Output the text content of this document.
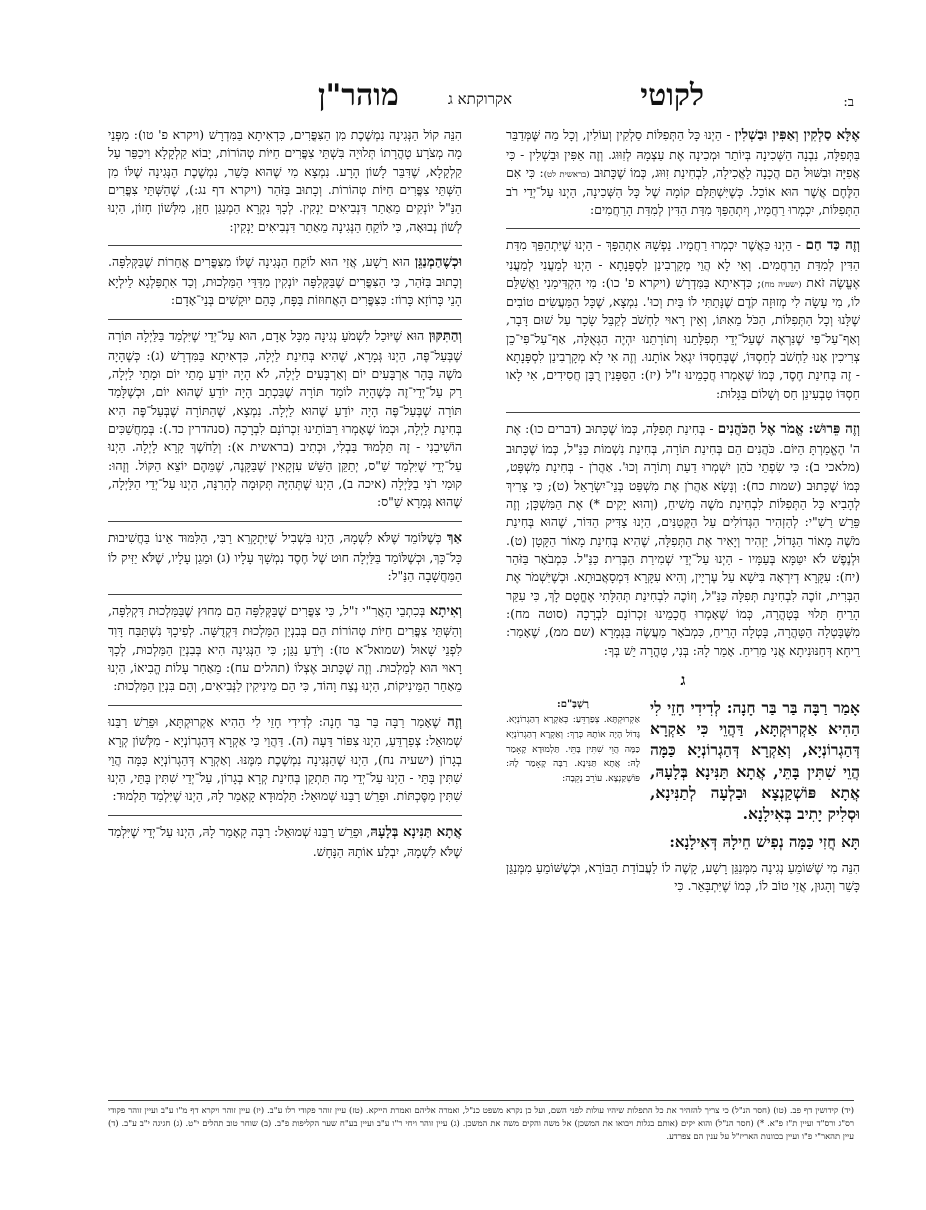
ב:
לקוטי
אקרוקתא ג
מוהר"ן

אֶלָּא סַלְקִין וְאַפִּין וּבַשְׁלִין - הַיְנוּ כָּל הַתְּפִלּוֹת סַלְקִין וְעוֹלִין, וְכָל מַה שֶּׁמְּדַבֵּר בַּתְּפִלָּה, נִבְנָה הַשְּׁכִינָה בְּיוֹתֵר וּמְכִינָה אֶת עַצְמָהּ לְזִוּוּג. וְזֶה אַפִּין וּבַשְׁלִין - כִּי אֲפִיָּה וּבִשּׁוּל הֵם הֲכָנָה לָאֲכִילָה, לִבְחִינַת זִוּוּג, כְּמוֹ שֶׁכָּתוּב (בראשית לט): כִּי אִם הַלֶּחֶם אֲשֶׁר הוּא אוֹכֵל. כְּשֶׁיִּשְׁתַּלְּם קוֹמָה שֶׁל כָּל הַשְּׁכִינָה, הַיְנוּ עַל־יְדֵי רֹב הַתְּפִלּוֹת, יִכְמְרוּ רַחֲמָיו, וְיִתְהַפֵּךְ מִדַּת הַדִּין לְמִדַּת הָרַחֲמִים:

וְזֶה כַּד חַם - הַיְנוּ כַּאֲשֶׁר יִכְמְרוּ רַחֲמָיו. נַפְשָׁהּ אִתְהַפָּךְ - הַיְנוּ שֶׁיִּתְהַפֵּךְ מִדַּת הַדִּין לְמִדַּת הָרַחֲמִים. וְאִי לָא הֲוֵי מְקָרְבִינַן לִסְפָּנָתָא - הַיְנוּ לְמַעֲנִי לְמַעֲנִי אֶעֱשֶׂה זֹאת (ישעיה מח); כִּדְאִיתָא בַּמִּדְרָשׁ (ויקרא פ' כו): מִי הִקְדִּימַנִי וַאֲשַׁלֵּם לוֹ, מִי עָשָׂה לִי מְזוּזָה קֹדֶם שֶׁנָּתַתִּי לוֹ בַּיִת וְכוּ'. נִמְצָא, שֶׁכָּל הַמַּעֲשִׂים טוֹבִים שֶׁלָּנוּ וְכָל הַתְּפִלּוֹת, הַכֹּל מֵאִתּוֹ, וְאֵין רָאוּי לַחְשֹׁב לְקַבֵּל שָׂכָר עַל שׁוּם דָּבָר, וְאַף־עַל־פִּי שֶׁנִּרְאֶה שֶׁעַל־יְדֵי תְּפִלָּתֵנוּ וְתוֹרָתֵנוּ יִהְיֶה הַגְּאֻלָּה, אַף־עַל־פִּי־כֵן צְרִיכִין אָנוּ לַחְשֹׁב לְחַסְדּוֹ, שֶׁבְּחַסְדּוֹ יִגְאַל אוֹתָנוּ. וְזֶה אִי לָא מְקָרְבִינַן לִסְפָּנָתָא - זֶה בְּחִינַת חֶסֶד, כְּמוֹ שֶׁאָמְרוּ חֲכָמֵינוּ ז"ל (יז): הַסַּפָּנִין רֻבָּן חֲסִידִים, אִי לָאו חַסְדּוֹ טָבְעִינַן חַס וְשָׁלוֹם בַּגָּלוּת:

וְזֶה פֵּרוּשׁ: אֱמֹר אֶל הַכֹּהֲנִים - בְּחִינַת תְּפִלָּה, כְּמוֹ שֶׁכָּתוּב (דברים כו): אֶת ה' הֶאֱמַרְתָּ הַיּוֹם. כֹּהֲנִים הֵם בְּחִינַת תּוֹרָה, בְּחִינַת נִשְׁמוֹת כַּנַּ"ל, כְּמוֹ שֶׁכָּתוּב (מלאכי ב): כִּי שִׂפְתֵי כֹהֵן יִשְׁמְרוּ דַעַת וְתוֹרָה וְכוּ'. אַהֲרֹן - בְּחִינַת מִשְׁפָּט, כְּמוֹ שֶׁכָּתוּב (שמות כח): וְנָשָׂא אַהֲרֹן אֶת מִשְׁפַּט בְּנֵי־יִשְׂרָאֵל (ט); כִּי צָרִיךְ לְהָבִיא כָּל הַתְּפִלּוֹת לִבְחִינַת מֹשֶׁה מָשִׁיחַ, (וְהוּא יָקִים *) אֶת הַמִּשְׁכָּן; וְזֶה פֵּרֵשׁ רַשִׁ"י: לְהַזְהִיר הַגְּדוֹלִים עַל הַקְּטַנִּים, הַיְנוּ צַדִּיק הַדּוֹר, שֶׁהוּא בְּחִינַת מֹשֶׁה מָאוֹר הַגָּדוֹל, יַזְהִיר וְיָאִיר אֶת הַתְּפִלָּה, שֶׁהִיא בְּחִינַת מָאוֹר הַקָּטָן (ט). וּלְנֶפֶשׁ לֹא יִטַּמָּא בְּעַמָּיו - הַיְנוּ עַל־יְדֵי שְׁמִירַת הַבְּרִית כַּנַּ"ל. כִּמְבֹאָר בַּזֹּהַר (יח): עִקָּרָא דְיִרְאָה בִּישָׁא עַל עֶרְיָין, וְהִיא עִקָּרָא דִּמְסָאֲבוּתָא. וּכְשֶׁיִּשְׁמֹר אֶת הַבְּרִית, זוֹכֶה לִבְחִינַת תְּפִלָּה כַּנַּ"ל, וְזוֹכֶה לִבְחִינַת תְּהִלָּתִי אֶחֱטָם לָךְ, כִּי עִקַּר הָרֵיחַ תָּלוּי בְּטָהֳרָה, כְּמוֹ שֶׁאָמְרוּ חֲכָמֵינוּ זִכְרוֹנָם לִבְרָכָה (סוטה מח): מִשֶּׁבָּטְלָה הַטָּהֳרָה, בָּטְלָה הָרֵיחַ, כִּמְבֹאָר מַעֲשֶׂה בַּגְּמָרָא (שם ממ), שֶׁאָמַר: רֵיחָא דְּחַנּוּנִיתָא אֲנִי מֵרִיחַ. אָמַר לָהּ: בְּנִי, טָהֳרָה יֵשׁ בְּךָ:

ג
אָמַר רַבָּה בַּר בַּר חָנָה: לְדִידִי חָזֵי לִי הַהִיא אַקְרוּקְתָּא, דַּהֲוֵי כִּי אַקְרָא דְּהַגְרוֹנְיָא, וְאַקְרָא דְּהַגְרוֹנְיָא כַּמָּה הֲוֵי שִׁתִּין בָּתֵּי, אֲתָא תַּנִּינָא בְּלָעָהּ, אֲתָא פּוֹשְׁקַנְצָא וּבַלְעָה לְתַנִּינָא, וּסְלִיק יָתִיב בְּאִילָנָא.
רַשְׁבַּ"ם:
אַקְרוּקְתָּא. צְפַרְדֵּעַ: כְּאַקְרָא דְהַגְרוֹנְיָא. גָּדוֹל הָיָה אוֹתָהּ כְּרַךְ: וְאַקְרָא דְהַגְרוֹנְיָא כַּמָּה הֲוֵי שִׁתִּין בָּתֵּי. תַּלְמוּדָא קָאָמַר לָהּ: אֲתָא תַּנִּינָא. רַבָּה קָאָמַר לָהּ: פּוֹשְׁקַנְצָא. עוֹרֵב נְקֵבָה:
תָּא חֲזִי כַּמָּה נְפִישׁ חֵילָהּ דְּאִילָנָא:

הִנֵּה מִי שֶׁשּׁוֹמֵעַ נְגִינָה מִמְּנַגֵּן רָשָׁע, קָשֶׁה לוֹ לַעֲבוֹדַת הַבּוֹרֵא, וּכְשֶׁשּׁוֹמֵעַ מִמְּנַגֵּן כָּשֵׁר וְהָגוּן, אֲזַי טוֹב לוֹ, כְּמוֹ שֶׁיִּתְבָּאֵר. כִּי

הִנֵּה קוֹל הַנְּגִינָה נִמְשֶׁכֶת מִן הַצִּפֳּרִים, כִּדְאִיתָא בַּמִּדְרָשׁ (ויקרא פ' טו): מִפְּנֵי מָה מְצֹרָע טָהֳרָתוֹ תְּלוּיָה בִּשְׁתֵּי צִפֳּרִים חַיּוֹת טְהוֹרוֹת, יָבוֹא קַלְקָלָא וִיכַפֵּר עַל קַלְקָלָא, שֶׁדִּבֵּר לָשׁוֹן הָרָע. נִמְצָא מִי שֶׁהוּא כָּשֵׁר, נִמְשֶׁכֶת הַנְּגִינָה שֶׁלּוֹ מִן הַשְּׁתֵּי צִפֳּרִים חַיּוֹת טְהוֹרוֹת. וְכָתוּב בַּזֹּהַר (ויקרא דף נג:), שֶׁהַשְּׁתֵּי צִפֳּרִים הַנַּ"ל יוֹנְקִים מֵאַתַר דִּנְבִיאִים יַנְקִין. לְכָךְ נִקְרָא הַמְנַגֵּן חַזָּן, מִלְּשׁוֹן חָזוֹן, הַיְנוּ לְשׁוֹן נְבוּאָה, כִּי לוֹקֵחַ הַנְּגִינָה מֵאַתַר דִּנְבִיאִים יַנְקִין:

וּכְשֶׁהַמְנַגֵּן הוּא רָשָׁע, אֲזַי הוּא לוֹקֵחַ הַנְּגִינָה שֶׁלּוֹ מִצִּפֳּרִים אֲחֵרוֹת שֶׁבַּקְּלִפָּה. וְכָתוּב בַּזֹּהַר, כִּי הַצִּפֳּרִים שֶׁבַּקְּלִפָּה יוֹנְקִין מִדַּדֵּי הַמַּלְכוּת, וְכַד אִתְפַּלְגָא לֵילְיָא הָנֵי כָּרוֹזָא כָּרוֹז: כִּצִּפֳּרִים הָאֲחוּזוֹת בַּפָּח, כָּהֵם יוּקָשִׁים בְּנֵי־אָדָם:

וְהַתִּקּוּן הוּא שֶׁיּוּכַל לִשְׁמֹעַ נְגִינָה מִכָּל אָדָם, הוּא עַל־יְדֵי שֶׁיִּלְמַד בַּלַּיְלָה תּוֹרָה שֶׁבְּעַל־פֶּה, הַיְנוּ גְּמָרָא, שֶׁהִיא בְּחִינַת לַיְלָה, כִּדְאִיתָא בַּמִּדְרָשׁ (ג): כְּשֶׁהָיָה מֹשֶׁה בָּהָר אַרְבָּעִים יוֹם וְאַרְבָּעִים לַיְלָה, לֹא הָיָה יוֹדֵעַ מָתַי יוֹם וּמָתַי לַיְלָה, רַק עַל־יְדֵי־זֶה כְּשֶׁהָיָה לוֹמֵד תּוֹרָה שֶׁבִּכְתָב הָיָה יוֹדֵעַ שֶׁהוּא יוֹם, וּכְשֶׁלָּמַד תּוֹרָה שֶׁבְּעַל־פֶּה הָיָה יוֹדֵעַ שֶׁהוּא לַיְלָה. נִמְצָא, שֶׁהַתּוֹרָה שֶׁבְּעַל־פֶּה הִיא בְּחִינַת לַיְלָה, וּכְמוֹ שֶׁאָמְרוּ רַבּוֹתֵינוּ זִכְרוֹנָם לִבְרָכָה (סנהדרין כד.): בְּמַחֲשַׁכִּים הוֹשִׁיבַנִי - זֶה תַּלְמוּד בַּבְלִי, וּכְתִיב (בראשית א): וְלַחֹשֶׁךְ קָרָא לָיְלָה. הַיְנוּ עַל־יְדֵי שֶׁיִּלְמַד שַׁ"ס, יְתַקֵּן הַשֵּׁשׁ עִזְקָאִין שֶׁבַּקָּנֶה, שֶׁמֵּהֶם יוֹצֵא הַקּוֹל. וְזֶהוּ: קוּמִי רֹנִּי בַלַּיְלָה (איכה ב), הַיְנוּ שֶׁתְּהִיֶּה תְּקוּמָה לְהָרִנָּה, הַיְנוּ עַל־יְדֵי הַלַּיְלָה, שֶׁהוּא גְּמָרָא שַׁ"ס:

אַךְ כְּשֶׁלּוֹמֵד שֶׁלֹּא לִשְׁמָהּ, הַיְנוּ בִּשְׁבִיל שֶׁיִּתְקָרֵא רַבִּי, הַלִּמּוּד אֵינוֹ בַּחֲשִׁיבוּת כָּל־כָּךְ, וּכְשֶׁלּוֹמֵד בַּלַּיְלָה חוּט שֶׁל חֶסֶד נִמְשָׁךְ עָלָיו (ג) וּמֵגֵן עָלָיו, שֶׁלֹּא יַזִּיק לוֹ הַמַּחֲשָׁבָה הַנַּ"ל:

וְאִיתָא בְּכִתְבֵי הָאֲרִ"י ז"ל, כִּי צִפֳּרִים שֶׁבַּקְּלִפָּה הֵם מִחוּץ שֶׁבַּמַּלְכוּת דִּקְלִפָּה, וְהַשְּׁתֵּי צִפֳּרִים חַיּוֹת טְהוֹרוֹת הֵם בְּבִנְיַן הַמַּלְכוּת דִּקְדֻשָּׁה. לְפִיכָךְ נִשְׁתַּבַּח דָּוִד לִפְנֵי שָׁאוּל (שמואל־א טז): וְיֹדֵעַ נַגֵּן; כִּי הַנְּגִינָה הִיא בְּבִנְיַן הַמַּלְכוּת, לְכָךְ רָאוּי הוּא לְמַלְכוּת. וְזֶה שֶׁכָּתוּב אֶצְלוֹ (תהלים עח): מֵאַחַר עָלוֹת הֱבִיאוֹ, הַיְנוּ מֵאַחַר הַמֵּינִיקוֹת, הַיְנוּ נֶצַח וָהוֹד, כִּי הֵם מֵינִיקִין לַנְּבִיאִים, וְהֵם בִּנְיַן הַמַּלְכוּת:

וְזֶה שֶׁאָמַר רַבָּה בַּר בַּר חָנָה: לְדִידִי חָזֵי לִי הַהִיא אַקְרוּקְתָּא, וּפֵרֵשׁ רַבֵּנוּ שְׁמוּאֵל: צְפַרְדֵּעַ, הַיְנוּ צִפּוֹר דֵּעָה (ה). דַּהֲוֵי כִּי אַקְרָא דְּהַגְרוֹנְיָא - מִלְּשׁוֹן קְרָא בְגָרוֹן (ישעיה נח), הַיְנוּ שֶׁהַנְּגִינָה נִמְשֶׁכֶת מִמֶּנּוּ. וְאַקְרָא דְּהַגְרוֹנְיָא כַּמָּה הֲוֵי שִׁתִּין בָּתֵּי - הַיְנוּ עַל־יְדֵי מָה תִּתְקַן בְּחִינַת קְרָא בְגָרוֹן, עַל־יְדֵי שִׁתִּין בָּתֵּי, הַיְנוּ שִׁתִּין מַסֶּכְתּוֹת. וּפֵרֵשׁ רַבֵּנוּ שְׁמוּאֵל: תַּלְמוּדָא קָאָמַר לָהּ, הַיְנוּ שֶׁיִּלְמַד תַּלְמוּד:

אֲתָא תַּנִּינָא בְּלָעָהּ, וּפֵרֵשׁ רַבֵּנוּ שְׁמוּאֵל: רַבָּה קָאָמַר לָהּ, הַיְנוּ עַל־יְדֵי שֶׁיִּלְמַד שֶׁלֹּא לִשְׁמָהּ, יִבְלַע אוֹתָהּ הַנָּחָשׁ.

(יד) קידושין דף פב. (טו) (חסר הנ"ל) כי צריך להזהיר את כל התפלות שיהיו עולות לפני השם, ועל כן נקרא משפט כנ"ל, ואמרה אליהם ואמרת הייקא. (טז) עיין זוהר פקודי רלו ע"ב. (יז) עיין זוהר ויקרא דף מ"ו ע"ב ועיין זוהר פקודי רס"ג ורס"ד ועיין ת"ז פ"א. *) (חסר הנ"ל) והוא יקים (אותם בגלות ויבואו את המשכן) אל משה והקים משה את המשכן. (ג) עיין זוהר ויחי ר"ו ע"ב ועיין בע"ח שער הקליפות פ"ב. (ב) שוחר טוב תהלים י"ט. (ג) חגיגה י"ב ע"ב. (ד) עיין תהאר"י פ"ו ועיין בכוונות האריז"ל על ענין הם צפרדע.
